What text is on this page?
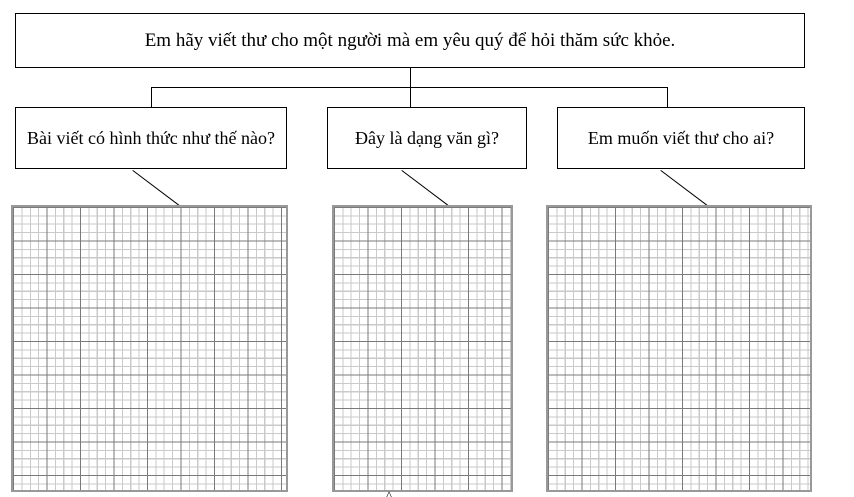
Em hãy viết thư cho một người mà em yêu quý để hỏi thăm sức khỏe.
Bài viết có hình thức như thế nào?	Đây là dạng văn gì?	Em muốn viết thư cho ai?
^
